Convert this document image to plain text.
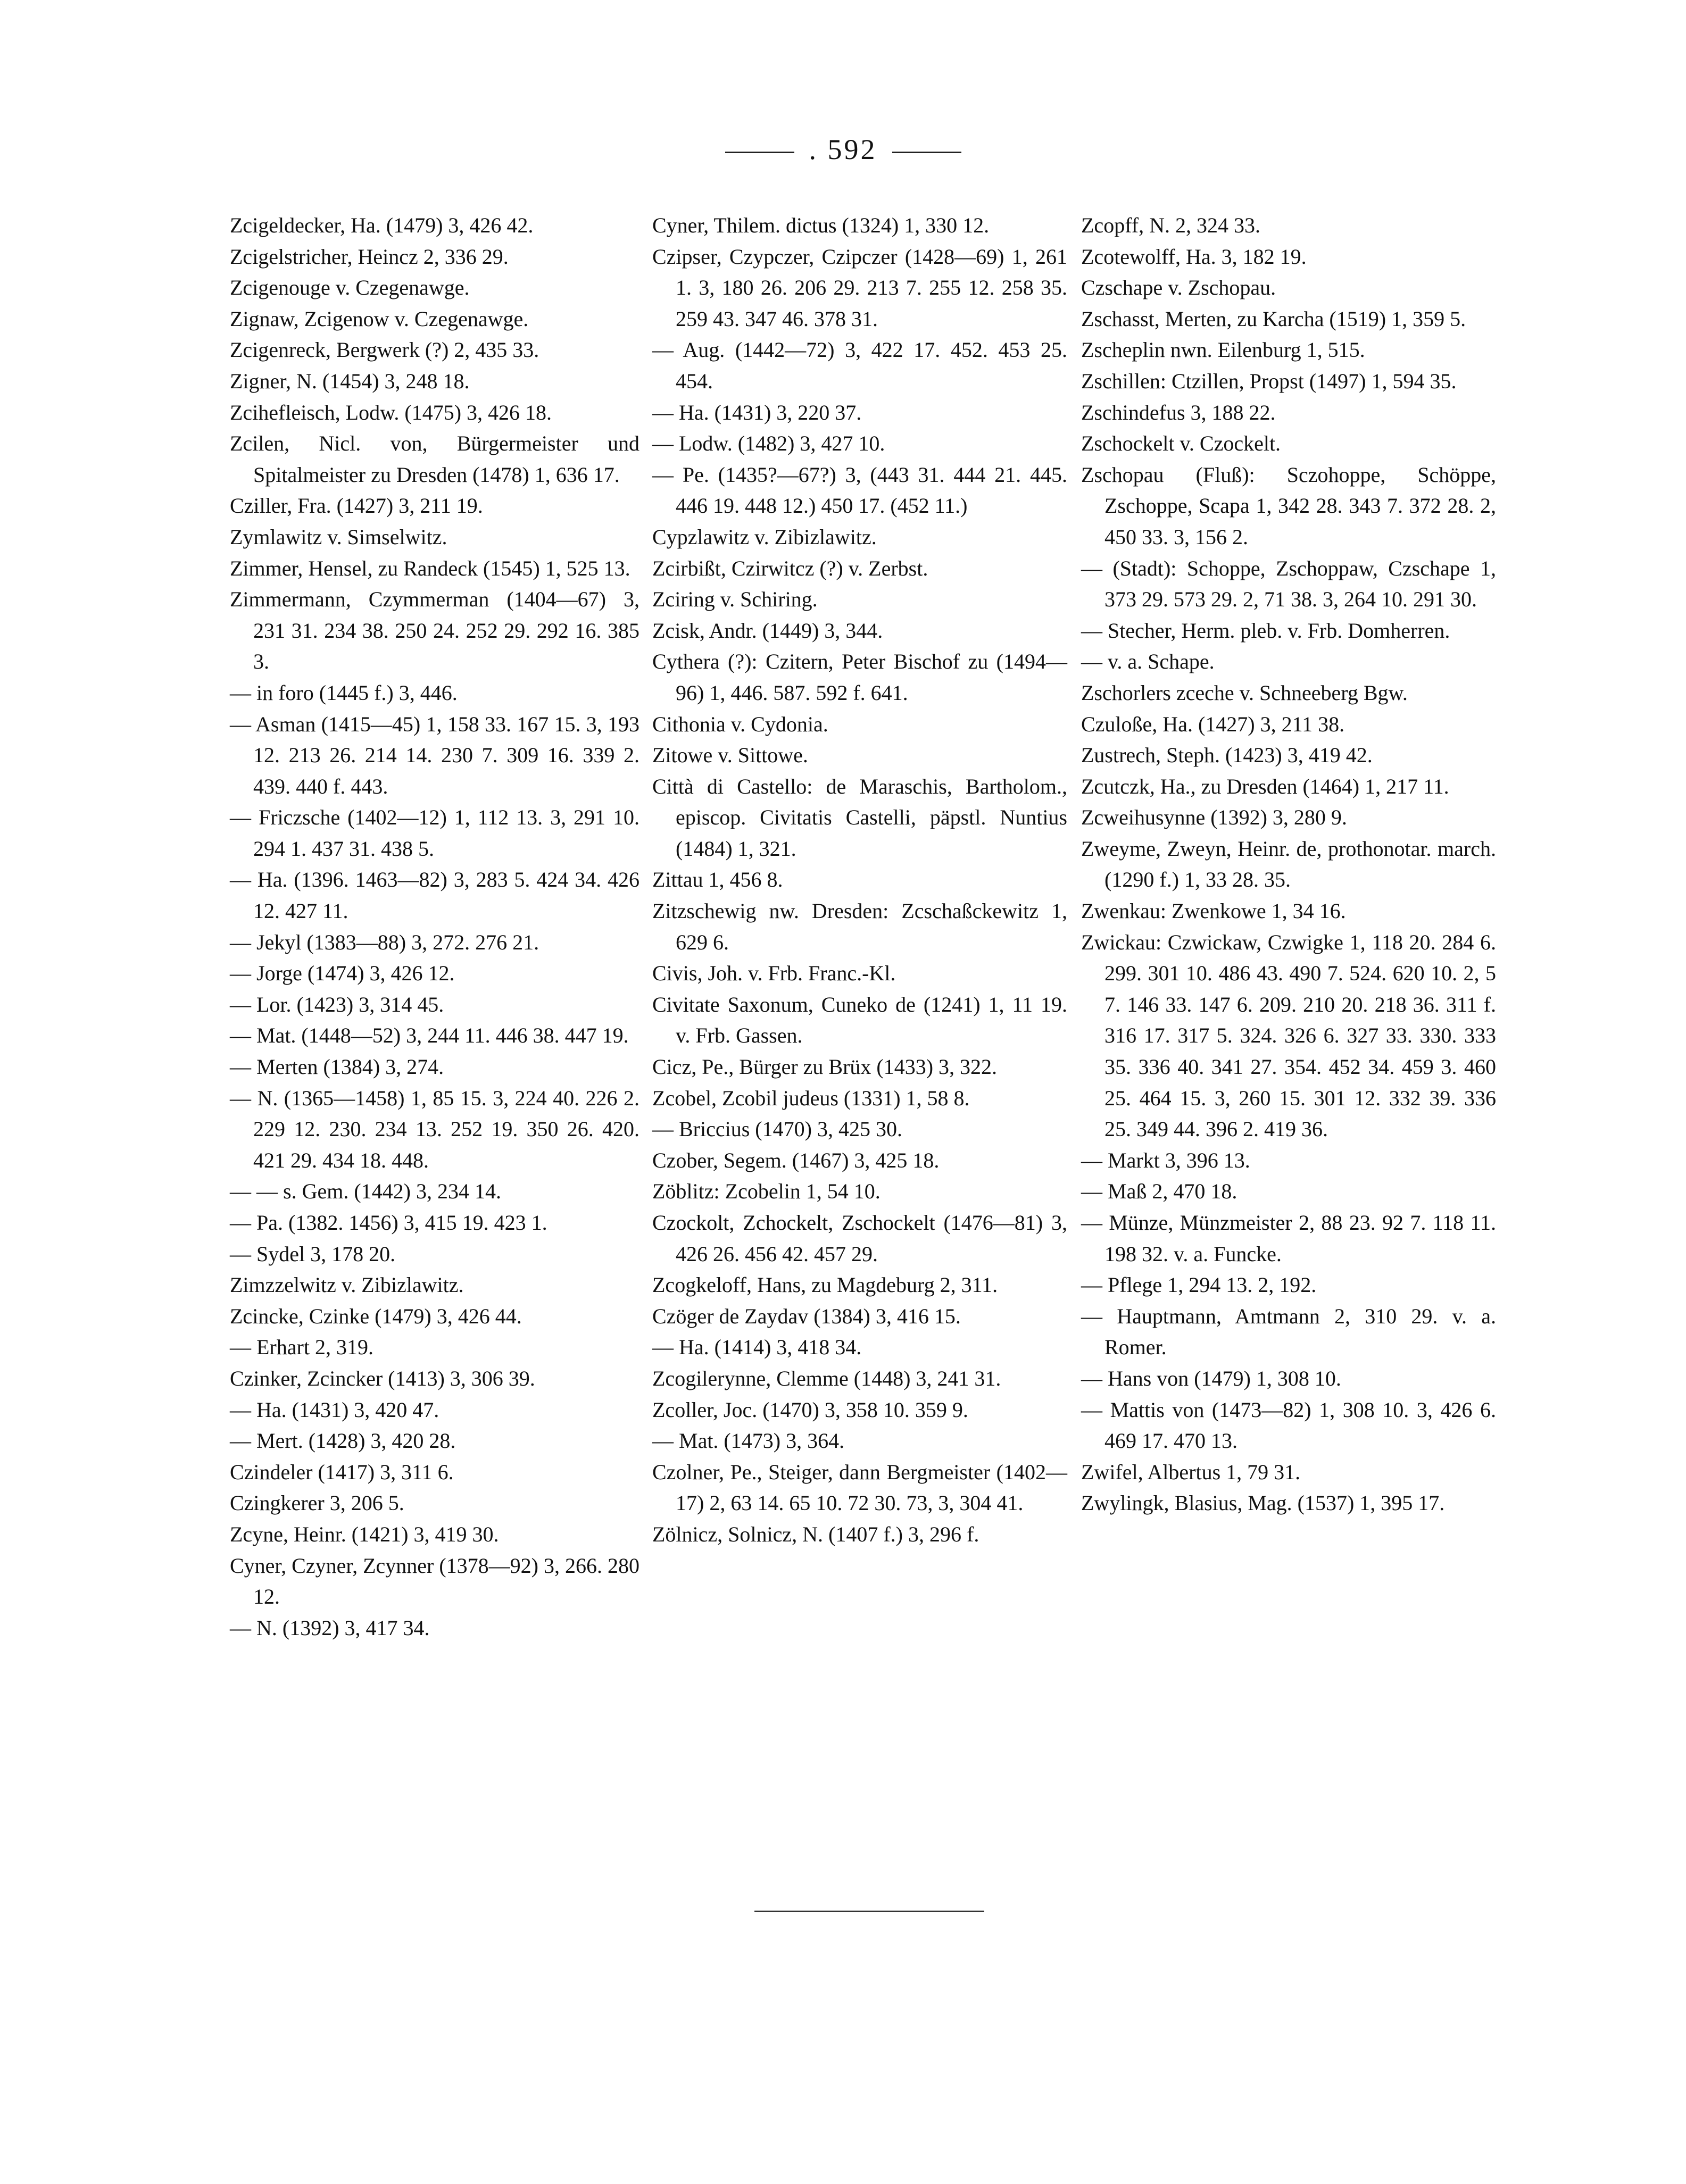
. 592

Zcigeldecker, Ha. (1479) 3, 426 42.

Zcigelstricher, Heincz 2, 336 29.

Zcigenouge v. Czegenawge.

Zignaw, Zcigenow v. Czegenawge.

Zcigenreck, Bergwerk (?) 2, 435 33.

Zigner, N. (1454) 3, 248 18.

Zcihefleisch, Lodw. (1475) 3, 426 18.

Zcilen, Nicl. von, Bürgermeister und Spitalmeister zu Dresden (1478) 1, 636 17.

Cziller, Fra. (1427) 3, 211 19.

Zymlawitz v. Simselwitz.

Zimmer, Hensel, zu Randeck (1545) 1, 525 13.

Zimmermann, Czymmerman (1404—67) 3, 231 31. 234 38. 250 24. 252 29. 292 16. 385 3.

— in foro (1445 f.) 3, 446.

— Asman (1415—45) 1, 158 33. 167 15. 3, 193 12. 213 26. 214 14. 230 7. 309 16. 339 2. 439. 440 f. 443.

— Friczsche (1402—12) 1, 112 13. 3, 291 10. 294 1. 437 31. 438 5.

— Ha. (1396. 1463—82) 3, 283 5. 424 34. 426 12. 427 11.

— Jekyl (1383—88) 3, 272. 276 21.

— Jorge (1474) 3, 426 12.

— Lor. (1423) 3, 314 45.

— Mat. (1448—52) 3, 244 11. 446 38. 447 19.

— Merten (1384) 3, 274.

— N. (1365—1458) 1, 85 15. 3, 224 40. 226 2. 229 12. 230. 234 13. 252 19. 350 26. 420. 421 29. 434 18. 448.

— — s. Gem. (1442) 3, 234 14.

— Pa. (1382. 1456) 3, 415 19. 423 1.

— Sydel 3, 178 20.

Zimzzelwitz v. Zibizlawitz.

Zcincke, Czinke (1479) 3, 426 44.

— Erhart 2, 319.

Czinker, Zcincker (1413) 3, 306 39.

— Ha. (1431) 3, 420 47.

— Mert. (1428) 3, 420 28.

Czindeler (1417) 3, 311 6.

Czingkerer 3, 206 5.

Zcyne, Heinr. (1421) 3, 419 30.

Cyner, Czyner, Zcynner (1378—92) 3, 266. 280 12.

— N. (1392) 3, 417 34.

Cyner, Thilem. dictus (1324) 1, 330 12.

Czipser, Czypczer, Czipczer (1428—69) 1, 261 1. 3, 180 26. 206 29. 213 7. 255 12. 258 35. 259 43. 347 46. 378 31.

— Aug. (1442—72) 3, 422 17. 452. 453 25. 454.

— Ha. (1431) 3, 220 37.

— Lodw. (1482) 3, 427 10.

— Pe. (1435?—67?) 3, (443 31. 444 21. 445. 446 19. 448 12.) 450 17. (452 11.)

Cypzlawitz v. Zibizlawitz.

Zcirbißt, Czirwitcz (?) v. Zerbst.

Zciring v. Schiring.

Zcisk, Andr. (1449) 3, 344.

Cythera (?): Czitern, Peter Bischof zu (1494—96) 1, 446. 587. 592 f. 641.

Cithonia v. Cydonia.

Zitowe v. Sittowe.

Città di Castello: de Maraschis, Bartholom., episcop. Civitatis Castelli, päpstl. Nuntius (1484) 1, 321.

Zittau 1, 456 8.

Zitzschewig nw. Dresden: Zcschaßckewitz 1, 629 6.

Civis, Joh. v. Frb. Franc.-Kl.

Civitate Saxonum, Cuneko de (1241) 1, 11 19. v. Frb. Gassen.

Cicz, Pe., Bürger zu Brüx (1433) 3, 322.

Zcobel, Zcobil judeus (1331) 1, 58 8.

— Briccius (1470) 3, 425 30.

Czober, Segem. (1467) 3, 425 18.

Zöblitz: Zcobelin 1, 54 10.

Czockolt, Zchockelt, Zschockelt (1476—81) 3, 426 26. 456 42. 457 29.

Zcogkeloff, Hans, zu Magdeburg 2, 311.

Czöger de Zaydav (1384) 3, 416 15.

— Ha. (1414) 3, 418 34.

Zcogilerynne, Clemme (1448) 3, 241 31.

Zcoller, Joc. (1470) 3, 358 10. 359 9.

— Mat. (1473) 3, 364.

Czolner, Pe., Steiger, dann Bergmeister (1402—17) 2, 63 14. 65 10. 72 30. 73, 3, 304 41.

Zölnicz, Solnicz, N. (1407 f.) 3, 296 f.

Zcopff, N. 2, 324 33.

Zcotewolff, Ha. 3, 182 19.

Czschape v. Zschopau.

Zschasst, Merten, zu Karcha (1519) 1, 359 5.

Zscheplin nwn. Eilenburg 1, 515.

Zschillen: Ctzillen, Propst (1497) 1, 594 35.

Zschindefus 3, 188 22.

Zschockelt v. Czockelt.

Zschopau (Fluß): Sczohoppe, Schöppe, Zschoppe, Scapa 1, 342 28. 343 7. 372 28. 2, 450 33. 3, 156 2.

— (Stadt): Schoppe, Zschoppaw, Czschape 1, 373 29. 573 29. 2, 71 38. 3, 264 10. 291 30.

— Stecher, Herm. pleb. v. Frb. Domherren.

— v. a. Schape.

Zschorlers zceche v. Schneeberg Bgw.

Czuloße, Ha. (1427) 3, 211 38.

Zustrech, Steph. (1423) 3, 419 42.

Zcutczk, Ha., zu Dresden (1464) 1, 217 11.

Zcweihusynne (1392) 3, 280 9.

Zweyme, Zweyn, Heinr. de, prothonotar. march. (1290 f.) 1, 33 28. 35.

Zwenkau: Zwenkowe 1, 34 16.

Zwickau: Czwickaw, Czwigke 1, 118 20. 284 6. 299. 301 10. 486 43. 490 7. 524. 620 10. 2, 5 7. 146 33. 147 6. 209. 210 20. 218 36. 311 f. 316 17. 317 5. 324. 326 6. 327 33. 330. 333 35. 336 40. 341 27. 354. 452 34. 459 3. 460 25. 464 15. 3, 260 15. 301 12. 332 39. 336 25. 349 44. 396 2. 419 36.

— Markt 3, 396 13.

— Maß 2, 470 18.

— Münze, Münzmeister 2, 88 23. 92 7. 118 11. 198 32. v. a. Funcke.

— Pflege 1, 294 13. 2, 192.

— Hauptmann, Amtmann 2, 310 29. v. a. Romer.

— Hans von (1479) 1, 308 10.

— Mattis von (1473—82) 1, 308 10. 3, 426 6. 469 17. 470 13.

Zwifel, Albertus 1, 79 31.

Zwylingk, Blasius, Mag. (1537) 1, 395 17.
